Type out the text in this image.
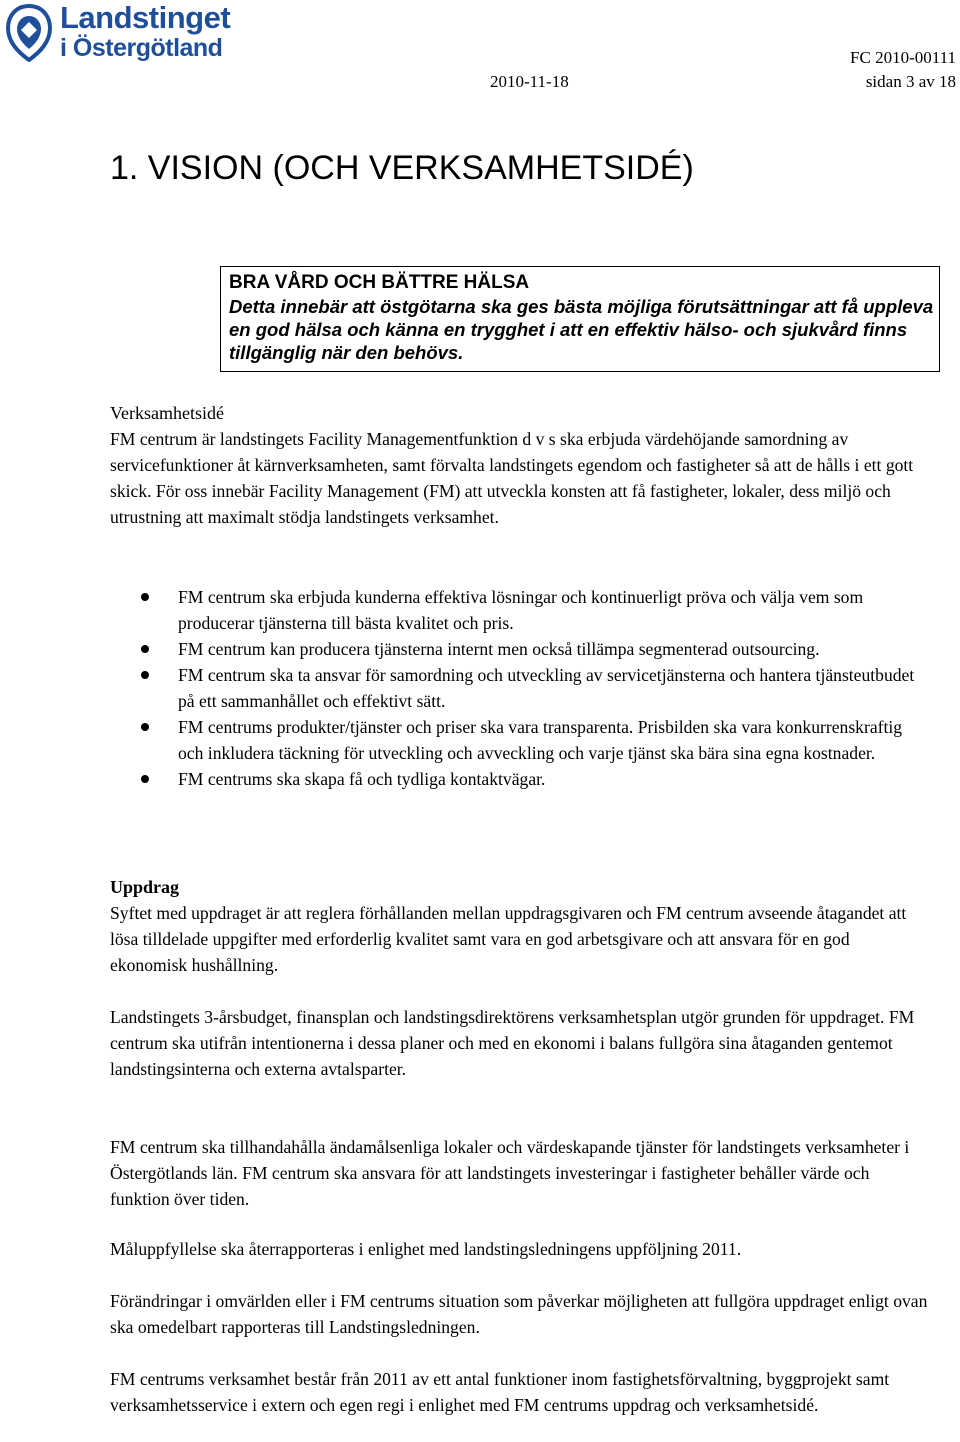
Landstinget
i Östergötland	FC 2010-00111
2010-11-18	sidan 3 av 18
1. VISION (OCH VERKSAMHETSIDÉ)
BRA VÅRD OCH BÄTTRE HÄLSA
Detta innebär att östgötarna ska ges bästa möjliga förutsättningar att få uppleva en god hälsa och känna en trygghet i att en effektiv hälso- och sjukvård finns tillgänglig när den behövs.
Verksamhetsidé

FM centrum är landstingets Facility Managementfunktion d v s ska erbjuda värdehöjande samordning av servicefunktioner åt kärnverksamheten, samt förvalta landstingets egendom och fastigheter så att de hålls i ett gott skick. För oss innebär Facility Management (FM) att utveckla konsten att få fastigheter, lokaler, dess miljö och utrustning att maximalt stödja landstingets verksamhet.

FM centrum ska erbjuda kunderna effektiva lösningar och kontinuerligt pröva och välja vem som producerar tjänsterna till bästa kvalitet och pris.
FM centrum kan producera tjänsterna internt men också tillämpa segmenterad outsourcing.
FM centrum ska ta ansvar för samordning och utveckling av servicetjänsterna och hantera tjänsteutbudet på ett sammanhållet och effektivt sätt.
FM centrums produkter/tjänster och priser ska vara transparenta. Prisbilden ska vara konkurrenskraftig och inkludera täckning för utveckling och avveckling och varje tjänst ska bära sina egna kostnader.
FM centrums ska skapa få och tydliga kontaktvägar.
Uppdrag

Syftet med uppdraget är att reglera förhållanden mellan uppdragsgivaren och FM centrum avseende åtagandet att lösa tilldelade uppgifter med erforderlig kvalitet samt vara en god arbetsgivare och att ansvara för en god ekonomisk hushållning.

Landstingets 3-årsbudget, finansplan och landstingsdirektörens verksamhetsplan utgör grunden för uppdraget. FM centrum ska utifrån intentionerna i dessa planer och med en ekonomi i balans fullgöra sina åtaganden gentemot landstingsinterna och externa avtalsparter.

FM centrum ska tillhandahålla ändamålsenliga lokaler och värdeskapande tjänster för landstingets verksamheter i Östergötlands län. FM centrum ska ansvara för att landstingets investeringar i fastigheter behåller värde och funktion över tiden.

Måluppfyllelse ska återrapporteras i enlighet med landstingsledningens uppföljning 2011.

Förändringar i omvärlden eller i FM centrums situation som påverkar möjligheten att fullgöra uppdraget enligt ovan ska omedelbart rapporteras till Landstingsledningen.

FM centrums verksamhet består från 2011 av ett antal funktioner inom fastighetsförvaltning, byggprojekt samt verksamhetsservice i extern och egen regi i enlighet med FM centrums uppdrag och verksamhetsidé.
